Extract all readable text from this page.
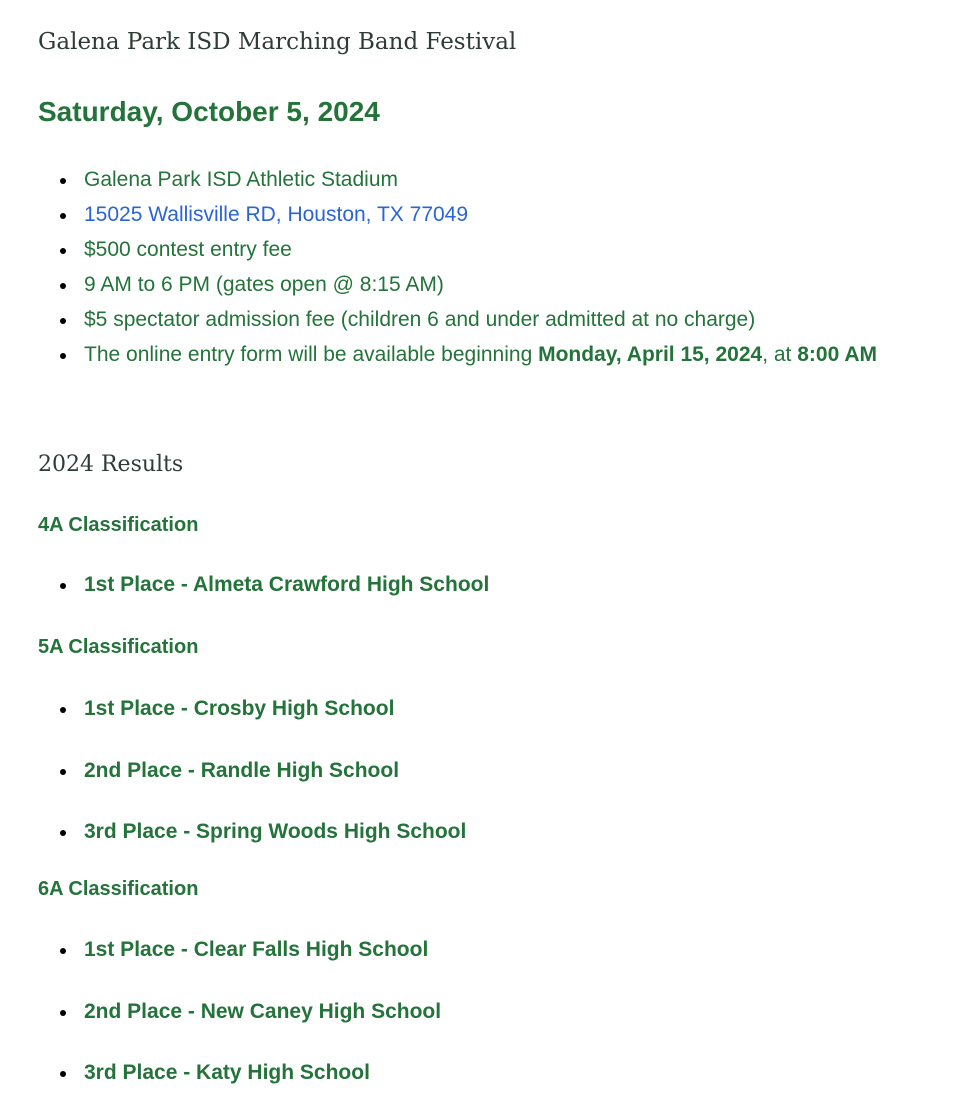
Galena Park ISD Marching Band Festival
Saturday, October 5, 2024
Galena Park ISD Athletic Stadium
15025 Wallisville RD, Houston, TX 77049
$500 contest entry fee
9 AM to 6 PM (gates open @ 8:15 AM)
$5 spectator admission fee (children 6 and under admitted at no charge)
The online entry form will be available beginning Monday, April 15, 2024, at 8:00 AM
2024 Results
4A Classification
1st Place - Almeta Crawford High School
5A Classification
1st Place - Crosby High School
2nd Place - Randle High School
3rd Place - Spring Woods High School
6A Classification
1st Place - Clear Falls High School
2nd Place - New Caney High School
3rd Place - Katy High School
